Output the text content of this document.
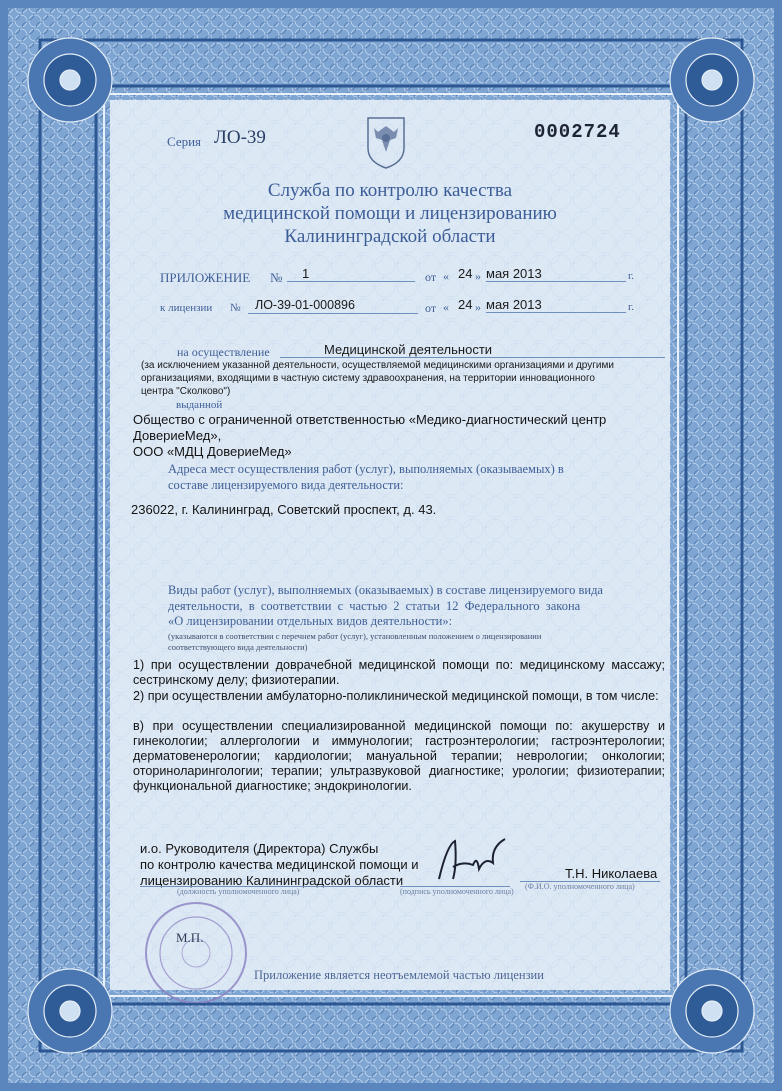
Серия ЛО-39	0002724
Служба по контролю качества
медицинской помощи и лицензированию
Калининградской области
ПРИЛОЖЕНИЕ № 1	от « 24 » мая 2013	г.
к лицензии № ЛО-39-01-000896	от « 24 » мая 2013	г.
на осуществление	Медицинской деятельности
(за исключением указанной деятельности, осуществляемой медицинскими организациями и другими
организациями, входящими в частную систему здравоохранения, на территории инновационного
центра "Сколково")
выданной
Общество с ограниченной ответственностью «Медико-диагностический центр
ДовериеМед»,
ООО «МДЦ ДовериеМед»
Адреса мест осуществления работ (услуг), выполняемых (оказываемых) в
составе лицензируемого вида деятельности:
236022, г. Калининград, Советский проспект, д. 43.
Виды работ (услуг), выполняемых (оказываемых) в составе лицензируемого вида
деятельности, в соответствии с частью 2 статьи 12 Федерального закона
«О лицензировании отдельных видов деятельности»:
(указываются в соответствии с перечнем работ (услуг), установленным положением о лицензировании
соответствующего вида деятельности)
1) при осуществлении доврачебной медицинской помощи по: медицинскому массажу; сестринскому делу; физиотерапии.
2) при осуществлении амбулаторно-поликлинической медицинской помощи, в том числе:
в) при осуществлении специализированной медицинской помощи по: акушерству и гинекологии; аллергологии и иммунологии; гастроэнтерологии; гастроэнтерологии; дерматовенерологии; кардиологии; мануальной терапии; неврологии; онкологии; оториноларингологии; терапии; ультразвуковой диагностике; урологии; физиотерапии; функциональной диагностике; эндокринологии.
и.о. Руководителя (Директора) Службы
по контролю качества медицинской помощи и
лицензированию Калининградской области
(должность уполномоченного лица)	(подпись уполномоченного лица)
Т.Н. Николаева
(Ф.И.О. уполномоченного лица)
М.П.
Приложение является неотъемлемой частью лицензии
